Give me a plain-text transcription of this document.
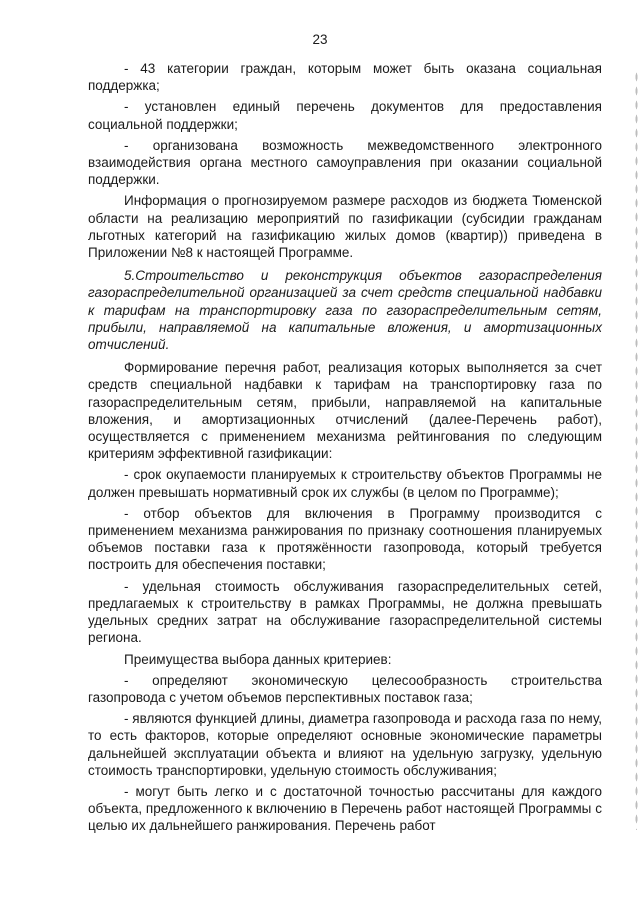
23

- 43 категории граждан, которым может быть оказана социальная поддержка;

- установлен единый перечень документов для предоставления социальной поддержки;

- организована возможность межведомственного электронного взаимодействия органа местного самоуправления при оказании социальной поддержки.

Информация о прогнозируемом размере расходов из бюджета Тюменской области на реализацию мероприятий по газификации (субсидии гражданам льготных категорий на газификацию жилых домов (квартир)) приведена в Приложении №8 к настоящей Программе.

5.Строительство и реконструкция объектов газораспределения газораспределительной организацией за счет средств специальной надбавки к тарифам на транспортировку газа по газораспределительным сетям, прибыли, направляемой на капитальные вложения, и амортизационных отчислений.

Формирование перечня работ, реализация которых выполняется за счет средств специальной надбавки к тарифам на транспортировку газа по газораспределительным сетям, прибыли, направляемой на капитальные вложения, и амортизационных отчислений (далее-Перечень работ), осуществляется с применением механизма рейтингования по следующим критериям эффективной газификации:

- срок окупаемости планируемых к строительству объектов Программы не должен превышать нормативный срок их службы (в целом по Программе);

- отбор объектов для включения в Программу производится с применением механизма ранжирования по признаку соотношения планируемых объемов поставки газа к протяжённости газопровода, который требуется построить для обеспечения поставки;

- удельная стоимость обслуживания газораспределительных сетей, предлагаемых к строительству в рамках Программы, не должна превышать удельных средних затрат на обслуживание газораспределительной системы региона.

Преимущества выбора данных критериев:

- определяют экономическую целесообразность строительства газопровода с учетом объемов перспективных поставок газа;

- являются функцией длины, диаметра газопровода и расхода газа по нему, то есть факторов, которые определяют основные экономические параметры дальнейшей эксплуатации объекта и влияют на удельную загрузку, удельную стоимость транспортировки, удельную стоимость обслуживания;

- могут быть легко и с достаточной точностью рассчитаны для каждого объекта, предложенного к включению в Перечень работ настоящей Программы с целью их дальнейшего ранжирования. Перечень работ
